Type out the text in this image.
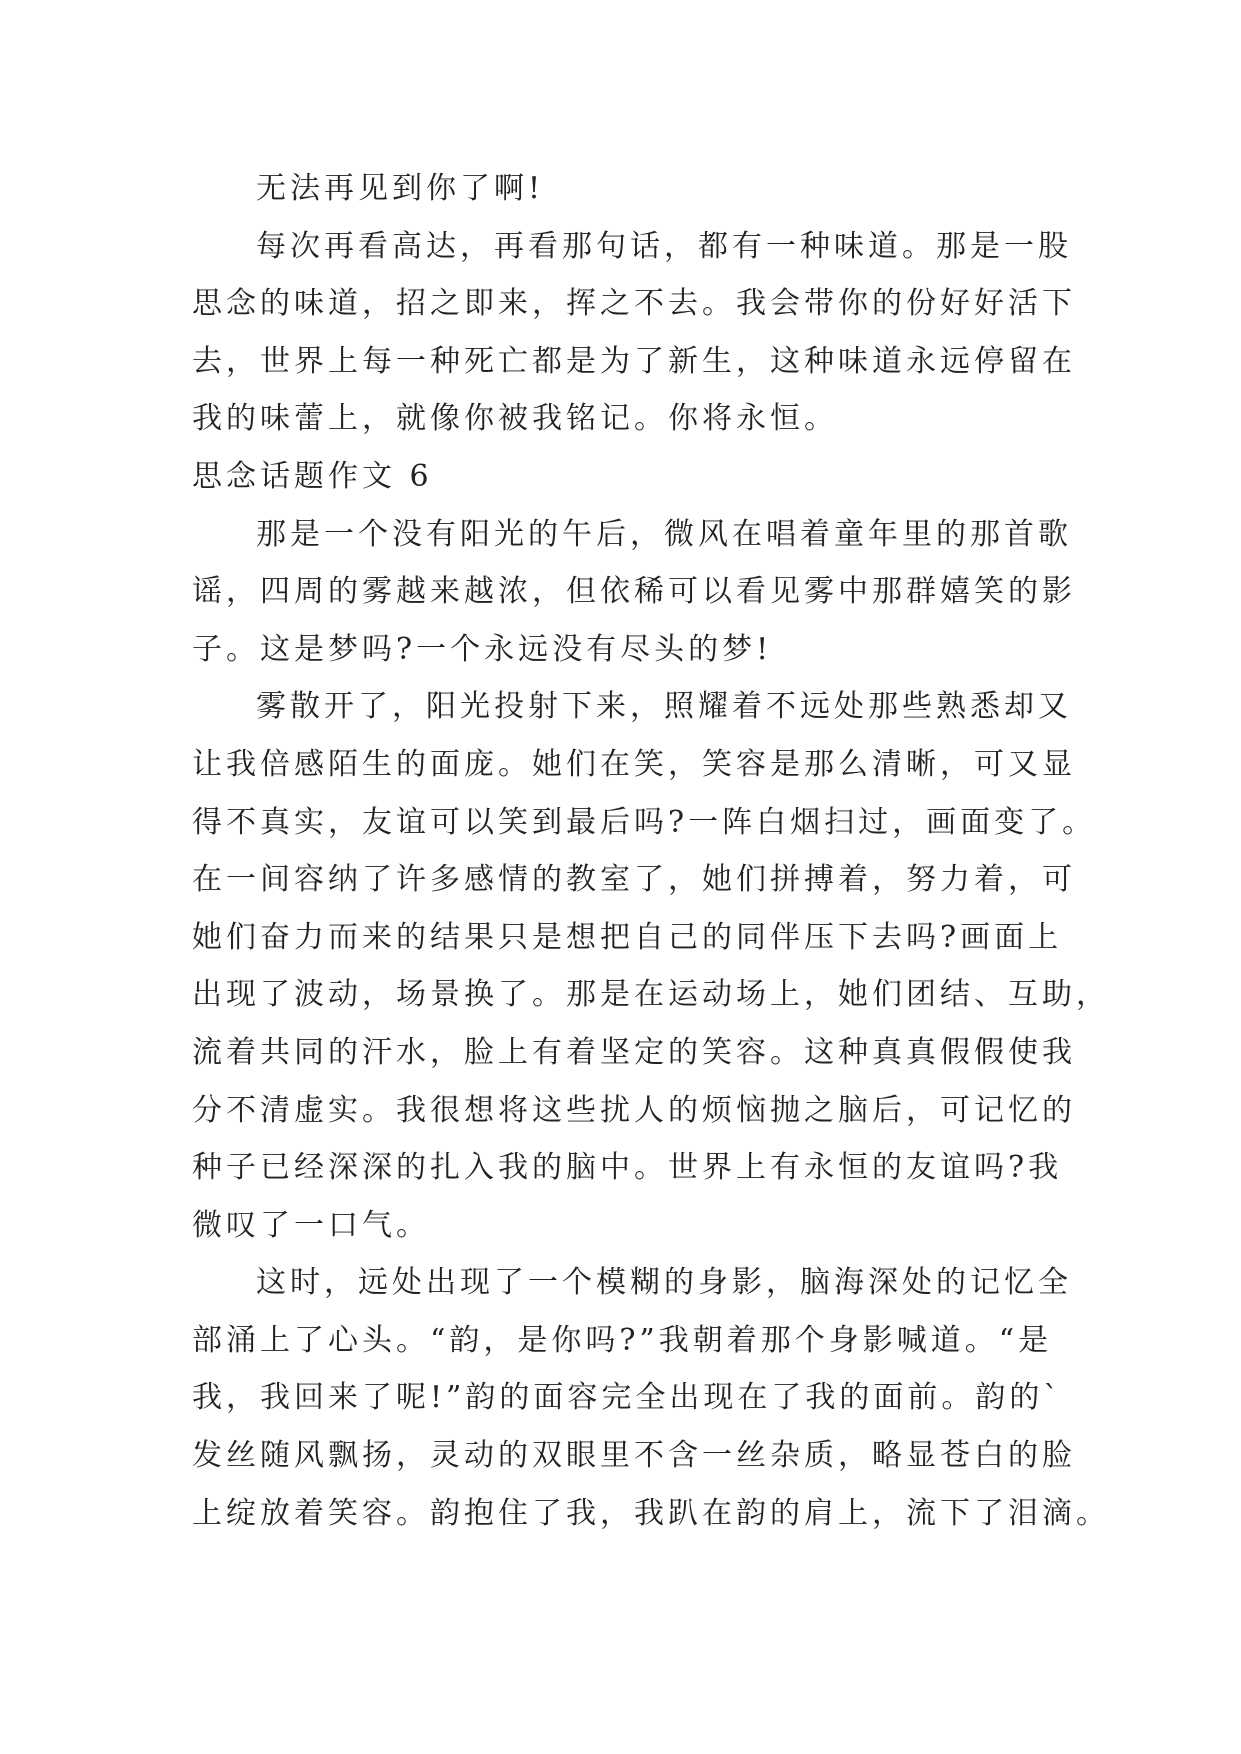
无法再见到你了啊!
每次再看高达，再看那句话，都有一种味道。那是一股
思念的味道，招之即来，挥之不去。我会带你的份好好活下
去，世界上每一种死亡都是为了新生，这种味道永远停留在
我的味蕾上，就像你被我铭记。你将永恒。
思念话题作文 6
那是一个没有阳光的午后，微风在唱着童年里的那首歌
谣，四周的雾越来越浓，但依稀可以看见雾中那群嬉笑的影
子。这是梦吗?一个永远没有尽头的梦!
雾散开了，阳光投射下来，照耀着不远处那些熟悉却又
让我倍感陌生的面庞。她们在笑，笑容是那么清晰，可又显
得不真实，友谊可以笑到最后吗?一阵白烟扫过，画面变了。
在一间容纳了许多感情的教室了，她们拼搏着，努力着，可
她们奋力而来的结果只是想把自己的同伴压下去吗?画面上
出现了波动，场景换了。那是在运动场上，她们团结、互助，
流着共同的汗水，脸上有着坚定的笑容。这种真真假假使我
分不清虚实。我很想将这些扰人的烦恼抛之脑后，可记忆的
种子已经深深的扎入我的脑中。世界上有永恒的友谊吗?我
微叹了一口气。
这时，远处出现了一个模糊的身影，脑海深处的记忆全
部涌上了心头。“韵，是你吗?”我朝着那个身影喊道。“是
我，我回来了呢!”韵的面容完全出现在了我的面前。韵的`
发丝随风飘扬，灵动的双眼里不含一丝杂质，略显苍白的脸
上绽放着笑容。韵抱住了我，我趴在韵的肩上，流下了泪滴。
